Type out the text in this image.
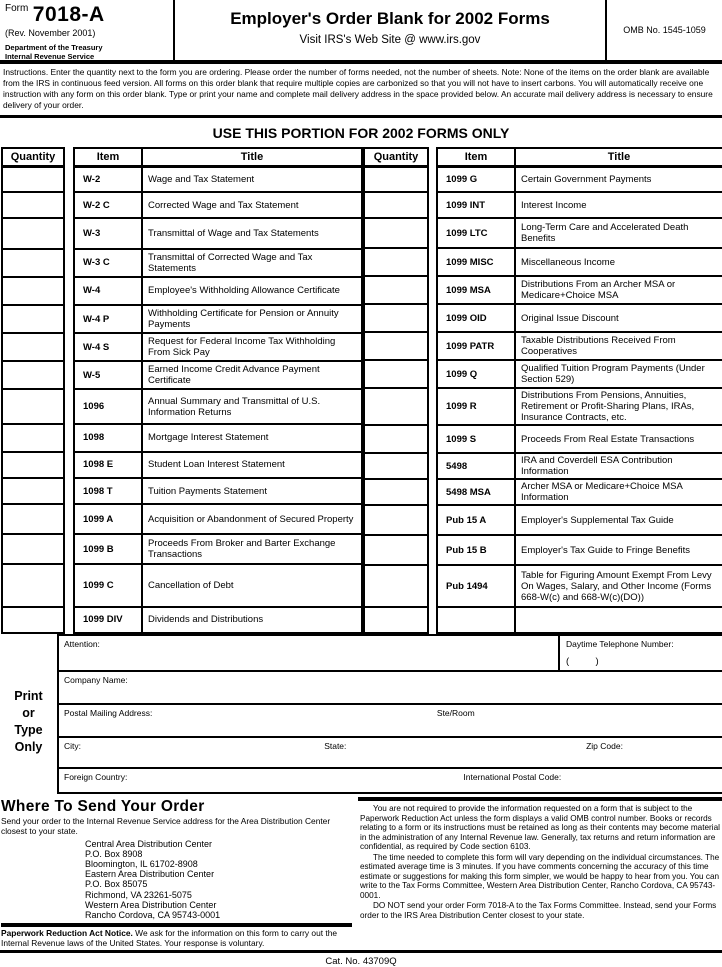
$^{Form}$ 7018-A
(Rev. November 2001)
Department of the Treasury
Internal Revenue Service
Employer's Order Blank for 2002 Forms
Visit IRS's Web Site @ www.irs.gov
OMB No. 1545-1059
Instructions. Enter the quantity next to the form you are ordering. Please order the number of forms needed, not the number of sheets. Note: None of the items on the order blank are available from the IRS in continuous feed version. All forms on this order blank that require multiple copies are carbonized so that you will not have to insert carbons. You will automatically receive one instruction with any form on this order blank. Type or print your name and complete mail delivery address in the space provided below. An accurate mail delivery address is necessary to ensure delivery of your order.
USE THIS PORTION FOR 2002 FORMS ONLY
Quantity		Item	Title
		W-2	Wage and Tax Statement
		W-2 C	Corrected Wage and Tax Statement
		W-3	Transmittal of Wage and Tax Statements
		W-3 C	Transmittal of Corrected Wage and Tax Statements
		W-4	Employee's Withholding Allowance Certificate
		W-4 P	Withholding Certificate for Pension or Annuity Payments
		W-4 S	Request for Federal Income Tax Withholding From Sick Pay
		W-5	Earned Income Credit Advance Payment Certificate
		1096	Annual Summary and Transmittal of U.S. Information Returns
		1098	Mortgage Interest Statement
		1098 E	Student Loan Interest Statement
		1098 T	Tuition Payments Statement
		1099 A	Acquisition or Abandonment of Secured Property
		1099 B	Proceeds From Broker and Barter Exchange Transactions
		1099 C	Cancellation of Debt
		1099 DIV	Dividends and Distributions
Quantity		Item	Title
		1099 G	Certain Government Payments
		1099 INT	Interest Income
		1099 LTC	Long-Term Care and Accelerated Death Benefits
		1099 MISC	Miscellaneous Income
		1099 MSA	Distributions From an Archer MSA or Medicare+Choice MSA
		1099 OID	Original Issue Discount
		1099 PATR	Taxable Distributions Received From Cooperatives
		1099 Q	Qualified Tuition Program Payments (Under Section 529)
		1099 R	Distributions From Pensions, Annuities, Retirement or Profit-Sharing Plans, IRAs, Insurance Contracts, etc.
		1099 S	Proceeds From Real Estate Transactions
		5498	IRA and Coverdell ESA Contribution Information
		5498 MSA	Archer MSA or Medicare+Choice MSA Information
		Pub 15 A	Employer's Supplemental Tax Guide
		Pub 15 B	Employer's Tax Guide to Fringe Benefits
		Pub 1494	Table for Figuring Amount Exempt From Levy On Wages, Salary, and Other Income (Forms 668-W(c) and 668-W(c)(DO))

Print
or
Type
Only
Attention:	Daytime Telephone Number:
(          )
Company Name:
Postal Mailing Address:	Ste/Room
City:	State:	Zip Code:
Foreign Country:	International Postal Code:
Where To Send Your Order
Send your order to the Internal Revenue Service address for the Area Distribution Center closest to your state.
Central Area Distribution Center
P.O. Box 8908
Bloomington, IL 61702-8908
Eastern Area Distribution Center
P.O. Box 85075
Richmond, VA 23261-5075
Western Area Distribution Center
Rancho Cordova, CA 95743-0001
Paperwork Reduction Act Notice. We ask for the information on this form to carry out the Internal Revenue laws of the United States. Your response is voluntary.

You are not required to provide the information requested on a form that is subject to the Paperwork Reduction Act unless the form displays a valid OMB control number. Books or records relating to a form or its instructions must be retained as long as their contents may become material in the administration of any Internal Revenue law. Generally, tax returns and return information are confidential, as required by Code section 6103.

The time needed to complete this form will vary depending on the individual circumstances. The estimated average time is 3 minutes. If you have comments concerning the accuracy of this time estimate or suggestions for making this form simpler, we would be happy to hear from you. You can write to the Tax Forms Committee, Western Area Distribution Center, Rancho Cordova, CA 95743-0001.

DO NOT send your order Form 7018-A to the Tax Forms Committee. Instead, send your Forms order to the IRS Area Distribution Center closest to your state.

Cat. No. 43709Q
